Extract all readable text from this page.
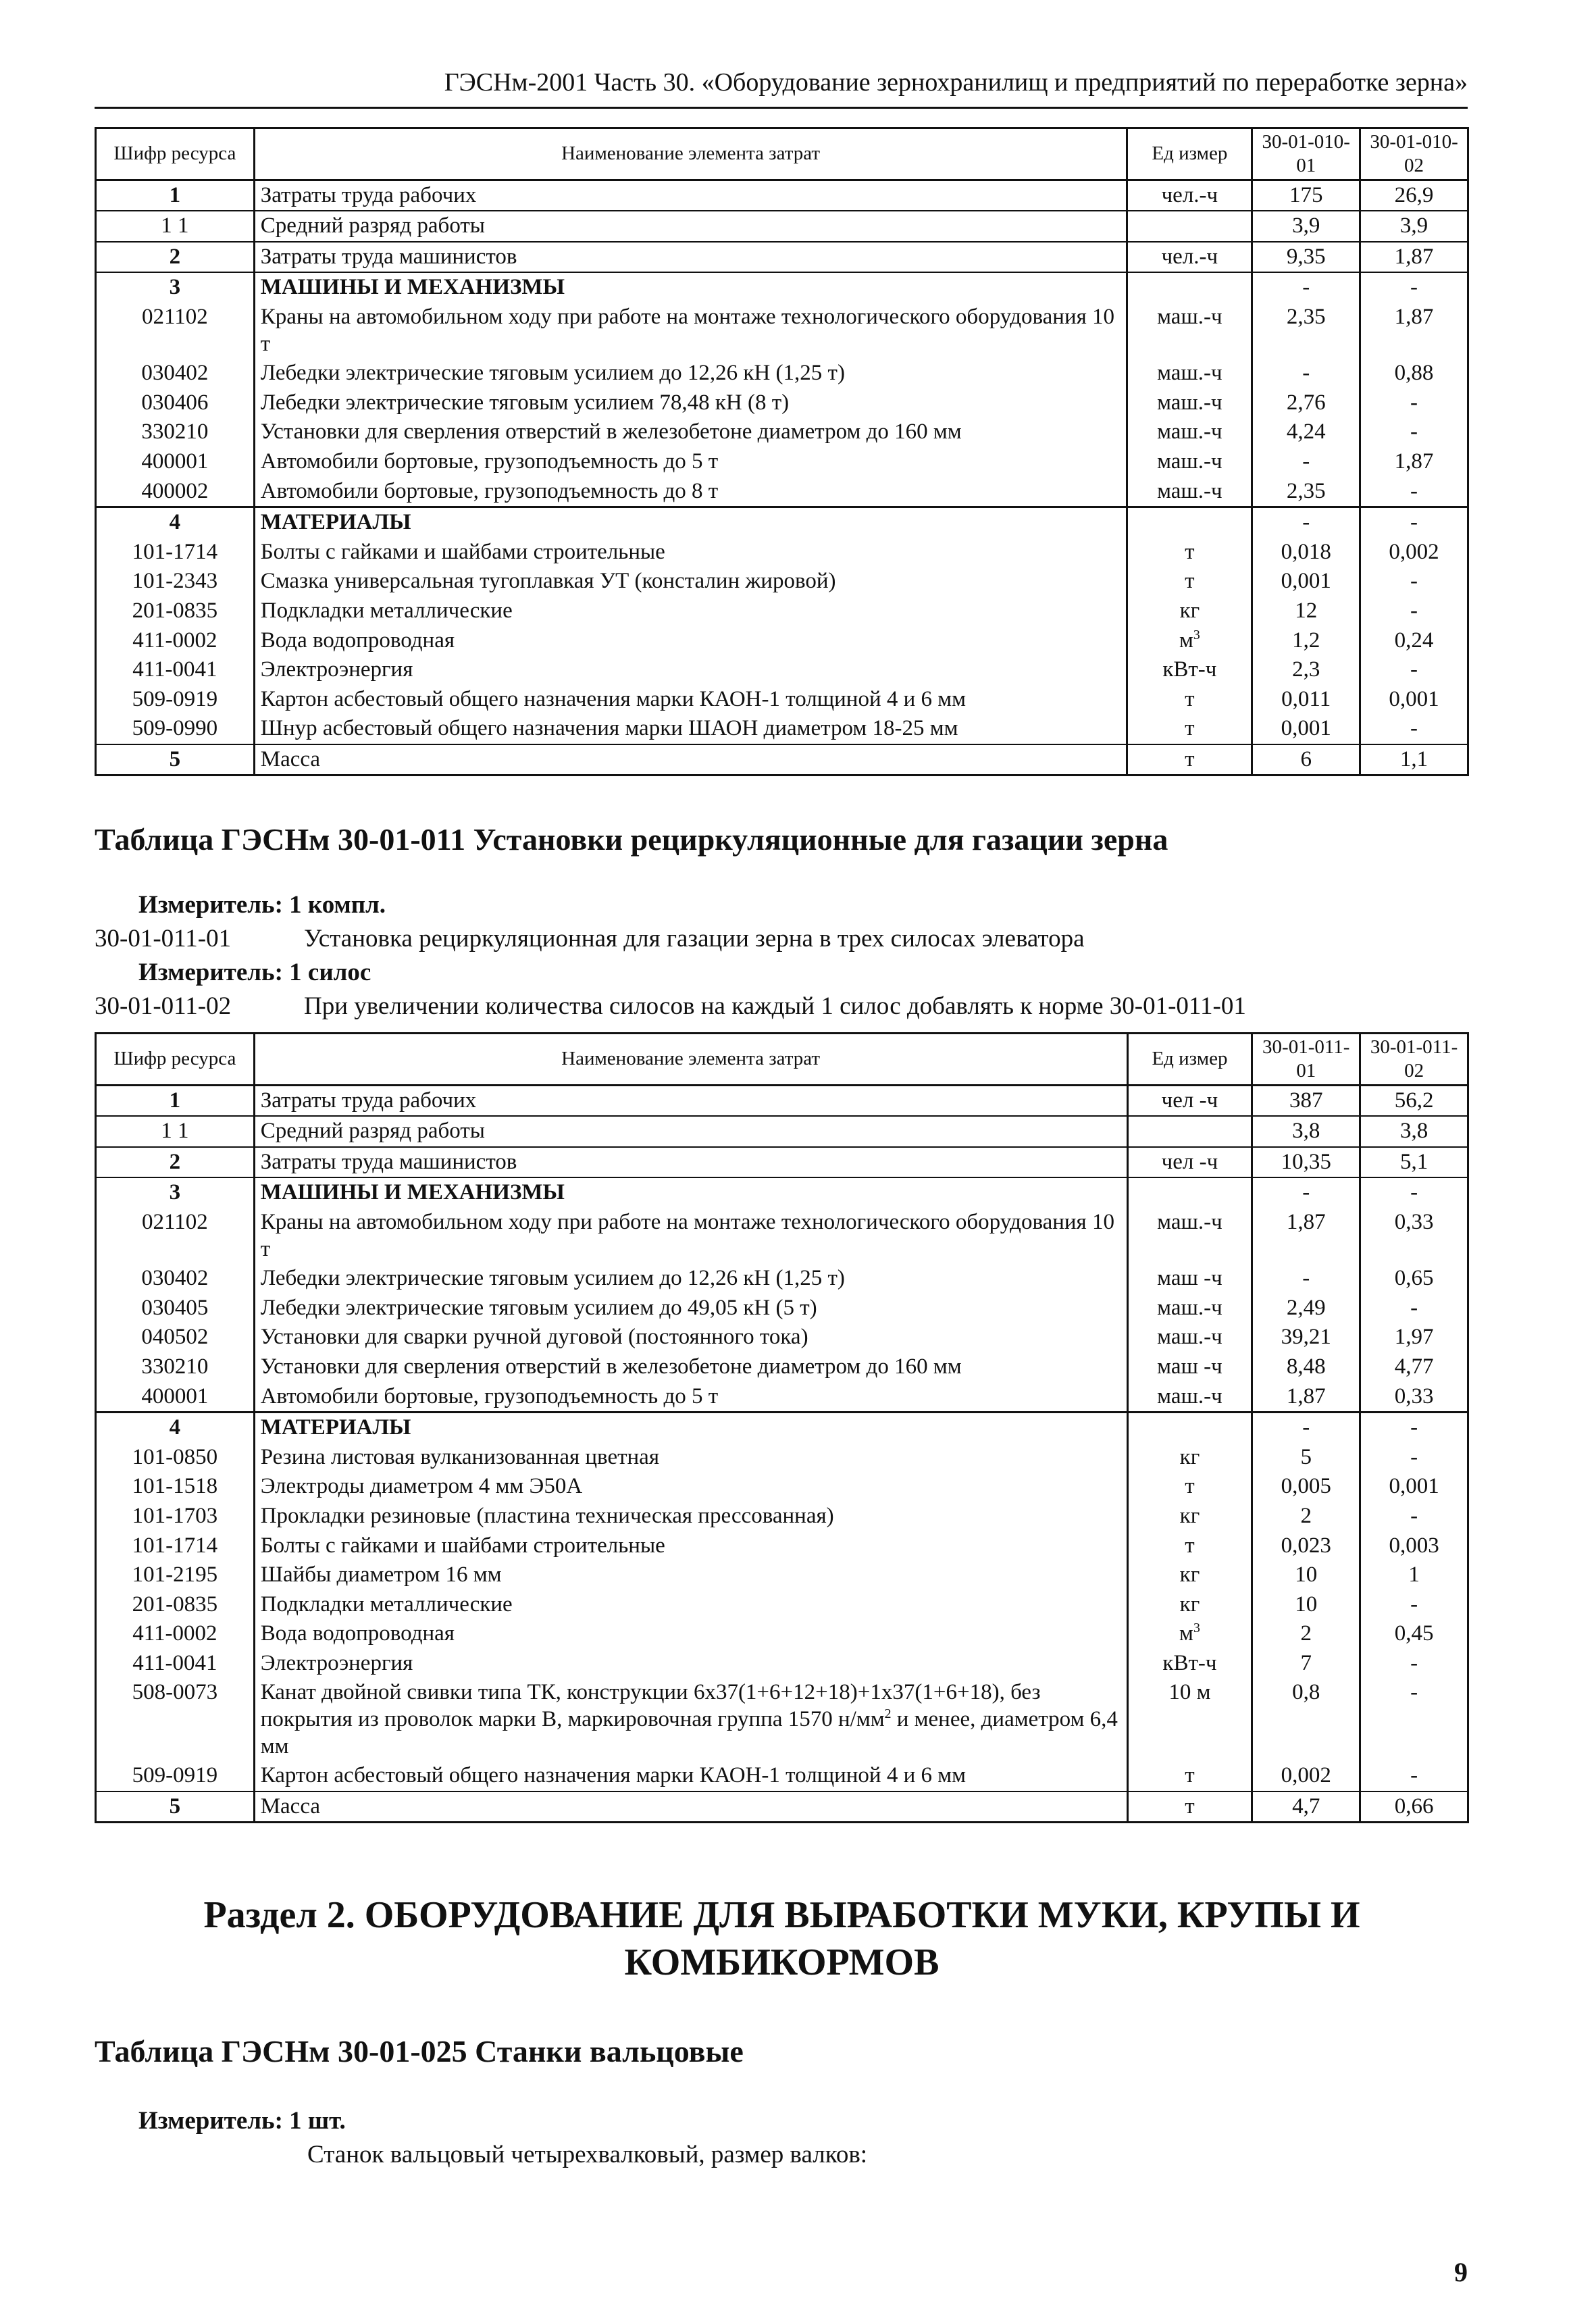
ГЭСНм-2001 Часть 30. «Оборудование зернохранилищ и предприятий по переработке зерна»
Шифр ресурса	Наименование элемента затрат	Ед измер	30-01-010-01	30-01-010-02
1	Затраты труда рабочих	чел.-ч	175	26,9
1 1	Средний разряд работы		3,9	3,9
2	Затраты труда машинистов	чел.-ч	9,35	1,87
3	МАШИНЫ И МЕХАНИЗМЫ		-	-
021102	Краны на автомобильном ходу при работе на монтаже технологического оборудования 10 т	маш.-ч	2,35	1,87
030402	Лебедки электрические тяговым усилием до 12,26 кН (1,25 т)	маш.-ч	-	0,88
030406	Лебедки электрические тяговым усилием 78,48 кН (8 т)	маш.-ч	2,76	-
330210	Установки для сверления отверстий в железобетоне диаметром до 160 мм	маш.-ч	4,24	-
400001	Автомобили бортовые, грузоподъемность до 5 т	маш.-ч	-	1,87
400002	Автомобили бортовые, грузоподъемность до 8 т	маш.-ч	2,35	-
4	МАТЕРИАЛЫ		-	-
101-1714	Болты с гайками и шайбами строительные	т	0,018	0,002
101-2343	Смазка универсальная тугоплавкая УТ (консталин жировой)	т	0,001	-
201-0835	Подкладки металлические	кг	12	-
411-0002	Вода водопроводная	$м^3$	1,2	0,24
411-0041	Электроэнергия	кВт-ч	2,3	-
509-0919	Картон асбестовый общего назначения марки КАОН-1 толщиной 4 и 6 мм	т	0,011	0,001
509-0990	Шнур асбестовый общего назначения марки ШАОН диаметром 18-25 мм	т	0,001	-
5	Масса	т	6	1,1
Таблица ГЭСНм 30-01-011 Установки рециркуляционные для газации зерна
Измеритель: 1 компл.
30-01-011-01	Установка рециркуляционная для газации зерна в трех силосах элеватора
Измеритель: 1 силос
30-01-011-02	При увеличении количества силосов на каждый 1 силос добавлять к норме 30-01-011-01
Шифр ресурса	Наименование элемента затрат	Ед измер	30-01-011-01	30-01-011-02
1	Затраты труда рабочих	чел -ч	387	56,2
1 1	Средний разряд работы		3,8	3,8
2	Затраты труда машинистов	чел -ч	10,35	5,1
3	МАШИНЫ И МЕХАНИЗМЫ		-	-
021102	Краны на автомобильном ходу при работе на монтаже технологического оборудования 10 т	маш.-ч	1,87	0,33
030402	Лебедки электрические тяговым усилием до 12,26 кН (1,25 т)	маш -ч	-	0,65
030405	Лебедки электрические тяговым усилием до 49,05 кН (5 т)	маш.-ч	2,49	-
040502	Установки для сварки ручной дуговой (постоянного тока)	маш.-ч	39,21	1,97
330210	Установки для сверления отверстий в железобетоне диаметром до 160 мм	маш -ч	8,48	4,77
400001	Автомобили бортовые, грузоподъемность до 5 т	маш.-ч	1,87	0,33
4	МАТЕРИАЛЫ		-	-
101-0850	Резина листовая вулканизованная цветная	кг	5	-
101-1518	Электроды диаметром 4 мм Э50А	т	0,005	0,001
101-1703	Прокладки резиновые (пластина техническая прессованная)	кг	2	-
101-1714	Болты с гайками и шайбами строительные	т	0,023	0,003
101-2195	Шайбы диаметром 16 мм	кг	10	1
201-0835	Подкладки металлические	кг	10	-
411-0002	Вода водопроводная	$м^3$	2	0,45
411-0041	Электроэнергия	кВт-ч	7	-
508-0073	Канат двойной свивки типа ТК, конструкции 6х37(1+6+12+18)+1х37(1+6+18), без покрытия из проволок марки В, маркировочная группа 1570 $н/мм^2$ и менее, диаметром 6,4 мм	10 м	0,8	-
509-0919	Картон асбестовый общего назначения марки КАОН-1 толщиной 4 и 6 мм	т	0,002	-
5	Масса	т	4,7	0,66
Раздел 2. ОБОРУДОВАНИЕ ДЛЯ ВЫРАБОТКИ МУКИ, КРУПЫ И
КОМБИКОРМОВ
Таблица ГЭСНм 30-01-025 Станки вальцовые
Измеритель: 1 шт.
Станок вальцовый четырехвалковый, размер валков:
9
